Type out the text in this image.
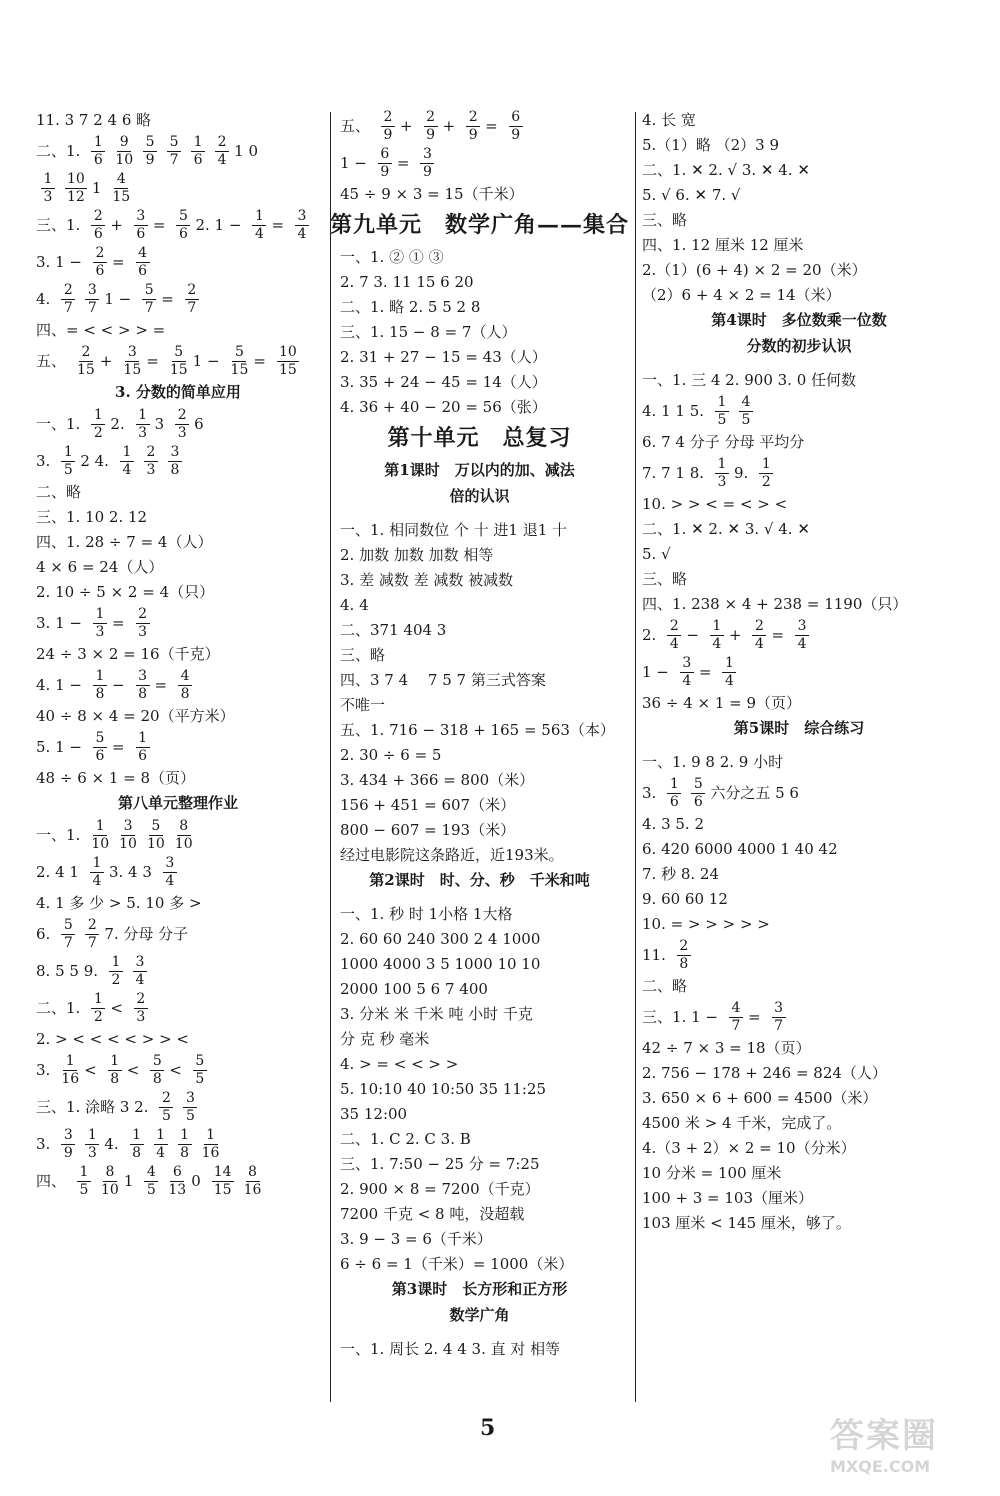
11. 3 7 2 4 6 略
二、1. $\frac{1}{6} \frac{9}{10} \frac{5}{9} \frac{5}{7} \frac{1}{6} \frac{2}{4} 1$ 0
$\frac{1}{3} \frac{10}{12} 1 \frac{4}{15}$
三、1. $\frac{2}{6} + \frac{3}{6} = \frac{5}{6} 2$. $1 - \frac{1}{4} = \frac{3}{4}$
3. $1 - \frac{2}{6} = \frac{4}{6}$
4. $\frac{2}{7} \frac{3}{7} 1 - \frac{5}{7} = \frac{2}{7}$
四、= < < > > =
五、 $\frac{2}{15} + \frac{3}{15} = \frac{5}{15} 1 - \frac{5}{15} = \frac{10}{15}$
3. 分数的简单应用
一、1. $\frac{1}{2} 2$. $\frac{1}{3} 3 \frac{2}{3} 6$
3. $\frac{1}{5} 2$ 4. $\frac{1}{4} \frac{2}{3} \frac{3}{8}$
二、略
三、1. 10 2. 12
四、1. 28 ÷ 7 = 4（人）
4 × 6 = 24（人）
2. 10 ÷ 5 × 2 = 4（只）
3. $1 - \frac{1}{3} = \frac{2}{3}$
24 ÷ 3 × 2 = 16（千克）
4. $1 - \frac{1}{8} - \frac{3}{8} = \frac{4}{8}$
40 ÷ 8 × 4 = 20（平方米）
5. $1 - \frac{5}{6} = \frac{1}{6}$
48 ÷ 6 × 1 = 8（页）
第八单元整理作业
一、1. $\frac{1}{10} \frac{3}{10} \frac{5}{10} \frac{8}{10}$
2. 4 $1 \frac{1}{4} 3$. 4 $3 \frac{3}{4}$
4. 1 多 少 > 5. 10 多 >
6. $\frac{5}{7} \frac{2}{7} 7$. 分母 分子
8. 5 5 9. $\frac{1}{2} \frac{3}{4}$
二、1. $\frac{1}{2} < \frac{2}{3}$
2. > < < < < > > <
3. $\frac{1}{16} < \frac{1}{8} < \frac{5}{8} < \frac{5}{5}$
三、1. 涂略 3 2. $\frac{2}{5} \frac{3}{5}$
3. $\frac{3}{9} \frac{1}{3} 4$. $\frac{1}{8} \frac{1}{4} \frac{1}{8} \frac{1}{16}$
四、 $\frac{1}{5} \frac{8}{10} 1 \frac{4}{5} \frac{6}{13} 0 \frac{14}{15} \frac{8}{16}$
五、 $\frac{2}{9} + \frac{2}{9} + \frac{2}{9} = \frac{6}{9}$
$1 - \frac{6}{9} = \frac{3}{9}$
45 ÷ 9 × 3 = 15（千米）
第九单元　数学广角——集合
一、1. ② ① ③
2. 7 3. 11 15 6 20
二、1. 略 2. 5 5 2 8
三、1. 15 − 8 = 7（人）
2. 31 + 27 − 15 = 43（人）
3. 35 + 24 − 45 = 14（人）
4. 36 + 40 − 20 = 56（张）
第十单元　总复习
第1课时　万以内的加、减法
倍的认识
一、1. 相同数位 个 十 进1 退1 十
2. 加数 加数 加数 相等
3. 差 减数 差 减数 被减数
4. 4
二、371 404 3
三、略
四、3 7 4　 7 5 7 第三式答案
不唯一
五、1. 716 − 318 + 165 = 563（本）
2. 30 ÷ 6 = 5
3. 434 + 366 = 800（米）
156 + 451 = 607（米）
800 − 607 = 193（米）
经过电影院这条路近，近193米。
第2课时　时、分、秒　千米和吨
一、1. 秒 时 1小格 1大格
2. 60 60 240 300 2 4 1000
1000 4000 3 5 1000 10 10
2000 100 5 6 7 400
3. 分米 米 千米 吨 小时 千克
分 克 秒 毫米
4. > = < < > >
5. 10:10 40 10:50 35 11:25
35 12:00
二、1. C 2. C 3. B
三、1. 7:50 − 25 分 = 7:25
2. 900 × 8 = 7200（千克）
7200 千克 < 8 吨，没超载
3. 9 − 3 = 6（千米）
6 ÷ 6 = 1（千米）= 1000（米）
第3课时　长方形和正方形
数学广角
一、1. 周长 2. 4 4 3. 直 对 相等
4. 长 宽
5.（1）略 （2）3 9
二、1. ✕ 2. √ 3. ✕ 4. ✕
5. √ 6. ✕ 7. √
三、略
四、1. 12 厘米 12 厘米
2.（1）(6 + 4) × 2 = 20（米）
（2）6 + 4 × 2 = 14（米）
第4课时　多位数乘一位数
分数的初步认识
一、1. 三 4 2. 900 3. 0 任何数
4. 1 1 5. $\frac{1}{5} \frac{4}{5}$
6. 7 4 分子 分母 平均分
7. 7 1 8. $\frac{1}{3} 9$. $\frac{1}{2}$
10. > > < = < > <
二、1. ✕ 2. ✕ 3. √ 4. ✕
5. √
三、略
四、1. 238 × 4 + 238 = 1190（只）
2. $\frac{2}{4} - \frac{1}{4} + \frac{2}{4} = \frac{3}{4}$
$1 - \frac{3}{4} = \frac{1}{4}$
36 ÷ 4 × 1 = 9（页）
第5课时　综合练习
一、1. 9 8 2. 9 小时
3. $\frac{1}{6} \frac{5}{6}$ 六分之五 5 6
4. 3 5. 2
6. 420 6000 4000 1 40 42
7. 秒 8. 24
9. 60 60 12
10. = > > > > >
11. $\frac{2}{8}$
二、略
三、1. $1 - \frac{4}{7} = \frac{3}{7}$
42 ÷ 7 × 3 = 18（页）
2. 756 − 178 + 246 = 824（人）
3. 650 × 6 + 600 = 4500（米）
4500 米 > 4 千米，完成了。
4.（3 + 2）× 2 = 10（分米）
10 分米 = 100 厘米
100 + 3 = 103（厘米）
103 厘米 < 145 厘米，够了。
5	答案圈
MXQE.COM
